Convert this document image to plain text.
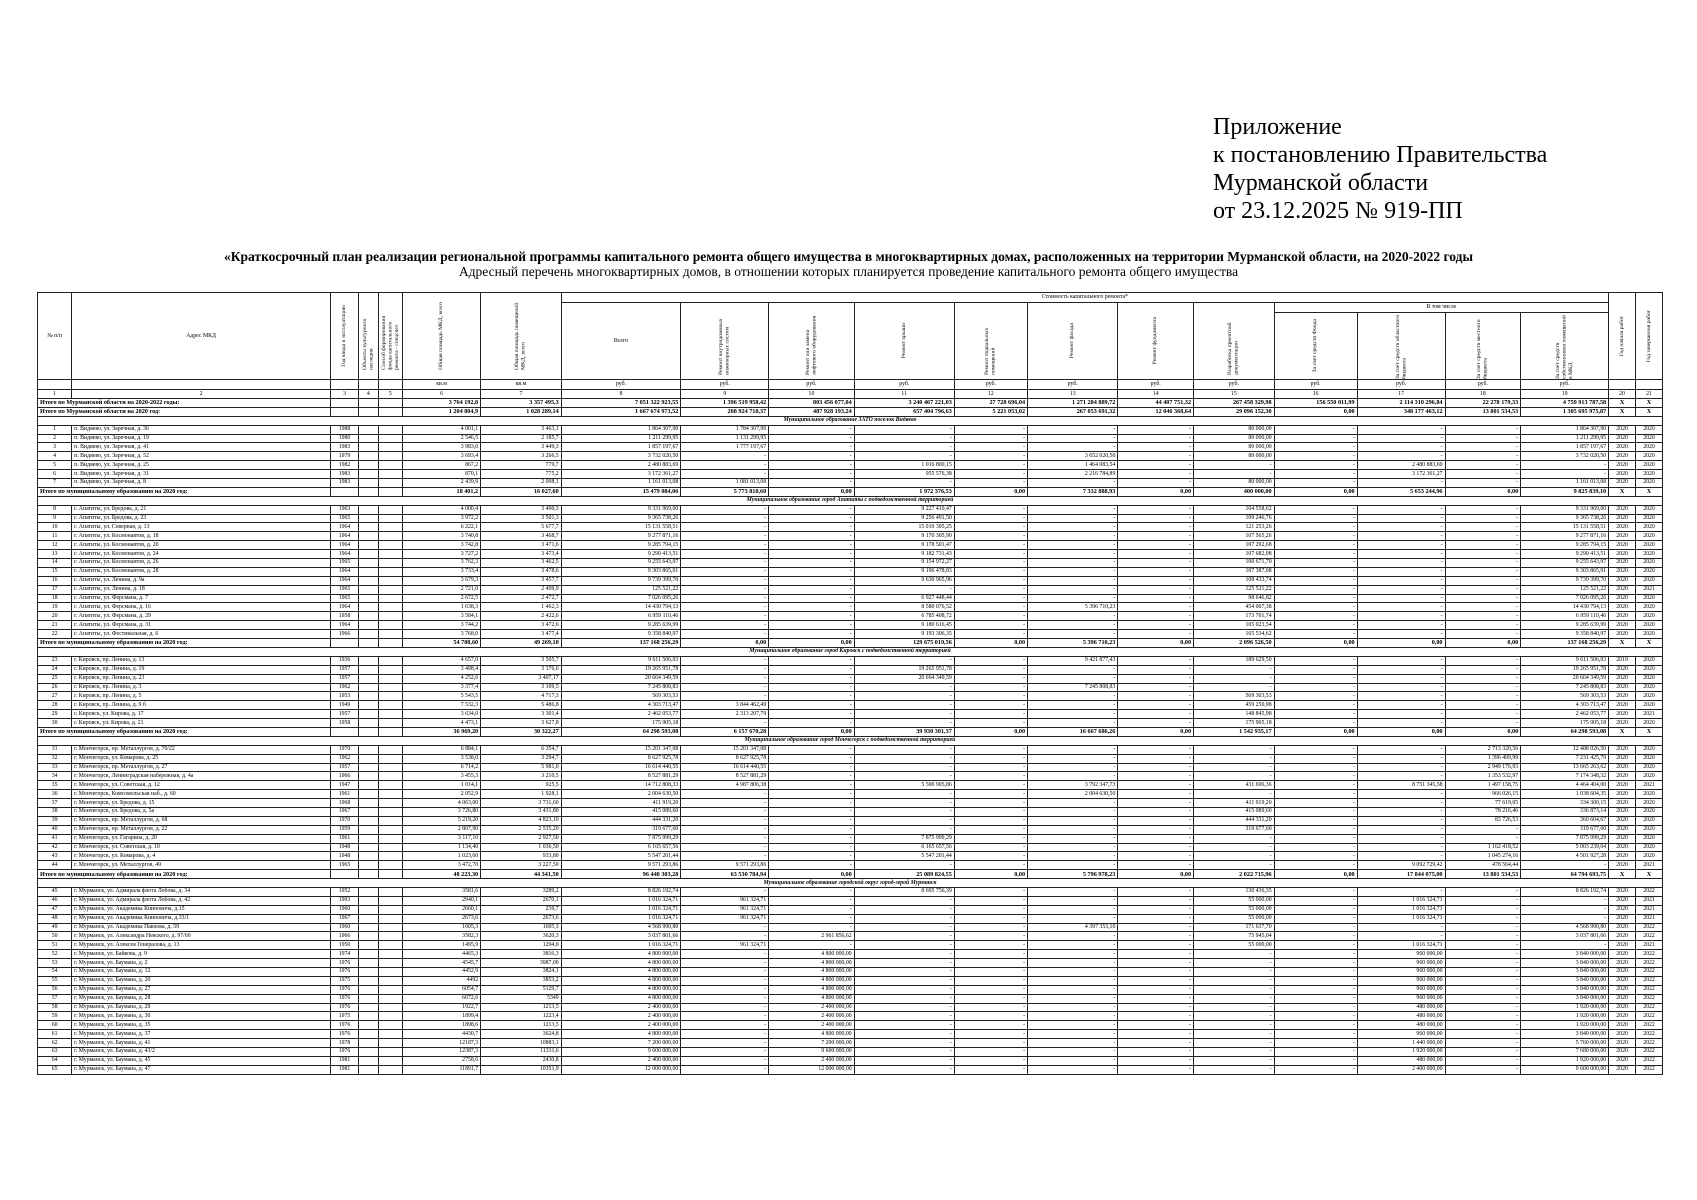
Приложение
к постановлению Правительства
Мурманской области
от 23.12.2025 № 919-ПП
«Краткосрочный план реализации региональной программы капитального ремонта общего имущества в многоквартирных домах, расположенных на территории Мурманской области, на 2020-2022 годы
Адресный перечень многоквартирных домов, в отношении которых планируется проведение капитального ремонта общего имущества
№ п/п	Адрес МКД	Год ввода в эксплуатацию	Объекты культурного наследия	Способ формирования фонда капитального ремонта - спецсчет	Общая площадь МКД, всего	Общая площадь помещений МКД, всего	Стоимость капитального ремонта*												Год начала работ	Год завершения работ

							Всего	Ремонт внутридомовых инженерных систем	Ремонт или замена лифтового оборудования	Ремонт крыши	Ремонт подвальных помещений	Ремонт фасада	Ремонт фундамента	Разработка проектной документации	В том числе					

															За счет средств Фонда	За счет средств областного бюджета	За счет средств местного бюджета	За счет средств собственников помещений в МКД		

					кв.м	кв.м	руб.	руб.	руб.	руб.	руб.	руб.	руб.	руб.	руб.	руб.	руб.	руб.		
1	2	3	4	5	6	7	8	9	10	11	12	13	14	15	16	17	18	19	20	21
Итого по Мурманской области на 2020-2022 годы:					3 764 192,8	3 357 495,3	7 051 322 923,55	1 396 519 958,42	803 456 077,04	3 240 467 221,03	27 728 696,04	1 271 284 889,72	44 407 751,32	267 458 329,98	156 550 011,99	2 114 310 296,84	22 278 179,33	4 759 913 787,58	Х	Х
Итого по Мурманской области на 2020 год:					1 204 804,9	1 028 289,14	1 667 674 973,52	208 924 718,37	487 928 193,24	657 404 796,63	5 221 053,02	267 053 691,32	12 046 368,64	29 096 152,30	0,00	348 177 463,12	13 801 534,53	1 305 695 975,87	Х	Х
Муниципальное образование ЗАТО поселок Видяево																				
1	п. Видяево, ул. Заречная, д. 36	1988			4 001,1	3 463,1	1 864 307,90	1 784 307,90	-	-	-	-	-	80 000,00	-	-	-	1 864 307,90	2020	2020
2	п. Видяево, ул. Заречная, д. 19	1980			2 546,5	2 185,7	1 211 299,95	1 131 299,95	-	-	-	-	-	80 000,00	-	-	-	1 211 299,95	2020	2020
3	п. Видяево, ул. Заречная, д. 41	1983			3 983,0	3 449,3	1 857 197,67	1 777 197,67	-	-	-	-	-	80 000,00	-	-	-	1 857 197,67	2020	2020
4	п. Видяево, ул. Заречная, д. 52	1979			3 693,4	3 266,5	3 732 020,50	-	-	-	-	3 652 020,50	-	80 000,00	-	-	-	3 732 020,50	2020	2020
5	п. Видяево, ул. Заречная, д. 25	1982			867,2	779,7	2 480 883,69	-	-	1 016 800,15	-	1 464 083,54	-	-	-	2 480 883,69	-	-	2020	2020
6	п. Видяево, ул. Заречная, д. 31	1983			870,1	775,2	3 172 361,27	-	-	955 576,38	-	2 216 784,89	-	-	-	3 172 361,27	-	-	2020	2020
7	п. Видяево, ул. Заречная, д. 8	1983			2 439,9	2 098,1	1 161 013,08	1 081 013,08	-	-	-	-	-	80 000,00	-	-	-	1 161 013,08	2020	2020
Итого по муниципальному образованию на 2020 год:					18 401,2	16 027,60	15 479 084,06	5 773 818,60	0,00	1 972 376,53	0,00	7 332 888,93	0,00	400 000,00	0,00	5 653 244,96	0,00	9 825 839,10	Х	Х
Муниципальное образование город Апатиты с подведомственной территорией																				
8	г. Апатиты, ул. Бредова, д. 21	1963			4 000,4	3 490,3	9 331 969,00	-	-	9 227 410,47	-	-	-	104 558,62	-	-	-	9 331 969,00	2020	2020
9	г. Апатиты, ул. Бредова, д. 23	1965			3 972,2	3 501,3	9 365 738,26	-	-	9 256 491,50	-	-	-	109 246,76	-	-	-	9 365 738,26	2020	2020
10	г. Апатиты, ул. Северная, д. 13	1964			6 222,1	5 677,7	15 131 558,51	-	-	15 010 305,25	-	-	-	121 253,26	-	-	-	15 131 558,51	2020	2020
11	г. Апатиты, ул. Космонавтов, д. 18	1964			3 740,8	3 468,7	9 277 871,16	-	-	9 170 305,90	-	-	-	107 565,26	-	-	-	9 277 871,16	2020	2020
12	г. Апатиты, ул. Космонавтов, д. 20	1964			3 742,8	3 471,6	9 285 794,15	-	-	9 178 501,47	-	-	-	107 292,68	-	-	-	9 285 794,15	2020	2020
13	г. Апатиты, ул. Космонавтов, д. 24	1964			3 727,2	3 473,4	9 290 413,51	-	-	9 182 731,43	-	-	-	107 682,08	-	-	-	9 290 413,51	2020	2020
14	г. Апатиты, ул. Космонавтов, д. 26	1965			3 762,3	3 462,5	9 255 643,97	-	-	9 154 972,27	-	-	-	100 671,70	-	-	-	9 255 643,97	2020	2020
15	г. Апатиты, ул. Космонавтов, д. 28	1964			3 733,4	3 478,6	9 303 865,91	-	-	9 196 478,83	-	-	-	107 387,08	-	-	-	9 303 865,91	2020	2020
16	г. Апатиты, ул. Ленина, д. 9а	1964			3 679,3	3 457,7	9 739 399,70	-	-	9 630 965,96	-	-	-	108 433,74	-	-	-	9 739 399,70	2020	2020
17	г. Апатиты, ул. Ленина, д. 18	1965			2 721,0	2 499,9	125 521,22	-	-	-	-	-	-	125 521,22	-	-	-	125 521,22	2020	2021
18	г. Апатиты, ул. Ферсмана, д. 7	1965			2 672,5	2 472,7	7 026 095,26	-	-	6 927 448,44	-	-	-	98 646,82	-	-	-	7 026 095,26	2020	2020
19	г. Апатиты, ул. Ферсмана, д. 16	1964			1 638,3	1 462,3	14 430 794,13	-	-	8 580 076,52	-	5 396 710,23	-	454 007,38	-	-	-	14 430 794,13	2020	2020
20	г. Апатиты, ул. Ферсмана, д. 29	1958			3 584,1	2 422,6	6 959 110,46	-	-	6 785 408,72	-	-	-	173 701,74	-	-	-	6 959 110,46	2020	2020
21	г. Апатиты, ул. Ферсмана, д. 31	1964			3 744,2	3 472,6	9 285 639,99	-	-	9 180 616,45	-	-	-	105 023,54	-	-	-	9 285 639,99	2020	2020
22	г. Апатиты, ул. Фестивальная, д. 6	1966			3 768,0	3 477,4	9 358 840,97	-	-	9 193 306,35	-	-	-	165 534,62	-	-	-	9 358 840,97	2020	2020
Итого по муниципальному образованию на 2020 год:					54 708,60	49 269,10	137 168 256,29	0,00	0,00	129 675 019,56	0,00	5 396 710,23	0,00	2 096 526,50	0,00	0,00	0,00	137 168 256,29	Х	Х
Муниципальное образование город Кировск с подведомственной территорией																				
23	г. Кировск, пр. Ленина, д. 13	1936			4 657,0	3 505,7	9 611 506,93	-	-	-	-	9 421 877,43	-	189 629,50	-	-	-	9 611 506,93	2019	2020
24	г. Кировск, пр. Ленина, д. 19	1957			3 498,4	3 176,6	19 265 951,78	-	-	19 265 951,78	-	-	-	-	-	-	-	19 265 951,78	2020	2020
25	г. Кировск, пр. Ленина, д. 23	1957			4 252,6	3 407,17	20 664 349,59	-	-	20 664 349,59	-	-	-	-	-	-	-	20 664 349,59	2020	2020
26	г. Кировск, пр. Ленина, д. 3	1962			3 377,4	3 109,5	7 245 808,83	-	-	-	-	7 245 808,83	-	-	-	-	-	7 245 808,83	2020	2020
27	г. Кировск, пр. Ленина, д. 5	1953			5 543,5	4 717,3	569 303,53	-	-	-	-	-	-	569 303,53	-	-	-	569 303,53	2020	2020
28	г. Кировск, пр. Ленина, д. 9 б	1949			7 532,3	5 486,8	4 303 713,47	3 844 462,49	-	-	-	-	-	459 250,98	-	-	-	4 303 713,47	2020	2020
29	г. Кировск, ул. Кирова, д. 17	1957			3 634,0	3 301,4	2 462 053,77	2 313 207,79	-	-	-	-	-	148 845,98	-	-	-	2 462 053,77	2020	2021
30	г. Кировск, ул. Кирова, д. 21	1958			4 473,1	3 627,8	175 905,18	-	-	-	-	-	-	175 905,18	-	-	-	175 905,18	2020	2020
Итого по муниципальному образованию на 2020 год:					36 969,20	30 322,27	64 298 593,08	6 157 670,28	0,00	39 930 301,37	0,00	16 667 686,26	0,00	1 542 935,17	0,00	0,00	0,00	64 298 593,08	Х	Х
Муниципальное образование город Мончегорск с подведомственной территорией																				
31	г. Мончегорск, пр. Металлургов, д. 70/22	1970			6 884,1	6 354,7	15 201 347,08	15 201 347,08	-	-	-	-	-	-	-	-	2 713 320,56	12 488 026,50	2020	2020
32	г. Мончегорск, ул. Комарова, д. 25	1962			3 538,0	3 294,7	8 627 925,78	8 627 925,78	-	-	-	-	-	-	-	-	1 396 499,99	7 231 425,79	2020	2020
33	г. Мончегорск, пр. Металлургов, д. 27	1957			6 714,2	5 981,0	16 614 440,55	16 614 440,55	-	-	-	-	-	-	-	-	2 949 176,93	13 665 263,62	2020	2020
34	г. Мончегорск, Ленинградская набережная, д. 4а	1966			3 455,3	3 210,5	8 527 881,29	8 527 881,29	-	-	-	-	-	-	-	-	1 353 532,97	7 174 348,32	2020	2020
35	г. Мончегорск, ул. Советская, д. 12	1947			1 014,1	925,5	14 712 808,33	4 987 806,38	-	5 500 905,86	-	3 792 347,73	-	431 696,36	-	8 751 345,58	1 497 158,75	4 464 404,00	2020	2021
36	г. Мончегорск, Комсомольская наб., д. 60	1961			2 052,9	1 928,1	2 004 630,50	-	-	-	-	2 004 630,50	-	-	-	-	966 026,15	1 038 604,35	2020	2020
37	г. Мончегорск, ул. Бредова, д. 15	1968			4 063,00	3 731,60	411 919,20	-	-	-	-	-	-	411 919,20	-	-	77 619,05	334 300,15	2020	2020
38	г. Мончегорск, ул. Бредова, д. 5а	1967			3 726,80	3 431,80	415 089,60	-	-	-	-	-	-	415 089,60	-	-	78 216,46	336 873,14	2020	2020
39	г. Мончегорск, пр. Металлургов, д. 68	1970			5 219,20	4 823,10	444 331,20	-	-	-	-	-	-	444 331,20	-	-	83 726,53	360 604,67	2020	2020
40	г. Мончегорск, пр. Металлургов, д. 22	1959			2 807,90	2 535,20	319 677,60	-	-	-	-	-	-	319 677,60	-	-	-	319 677,60	2020	2020
41	г. Мончегорск, ул. Гагарина, д. 20	1961			3 117,10	2 927,50	7 875 999,29	-	-	7 875 999,29	-	-	-	-	-	-	-	7 875 999,29	2020	2020
42	г. Мончегорск, ул. Советская, д. 10	1948			1 134,40	1 036,50	6 165 657,56	-	-	6 165 657,56	-	-	-	-	-	-	1 162 418,52	5 003 239,04	2020	2020
43	г. Мончегорск, ул. Комарова, д. 4	1948			1 023,60	933,80	5 547 201,44	-	-	5 547 201,44	-	-	-	-	-	-	1 045 274,16	4 501 927,28	2020	2020
44	г. Мончегорск, ул. Металлургов, 49	1965			3 472,70	3 227,50	9 571 293,86	9 571 293,86	-	-	-	-	-	-	-	9 092 729,42	478 564,44	-	2020	2021
Итого по муниципальному образованию на 2020 год:					48 223,30	44 341,50	96 440 303,28	63 530 784,94	0,00	25 089 824,55	0,00	5 796 978,23	0,00	2 022 715,96	0,00	17 844 075,00	13 801 534,53	64 794 693,75	Х	Х
Муниципальное образование городской округ город-герой Мурманск																				
45	г. Мурманск, ул. Адмирала флота Лобова, д. 34	1952			3581,6	3289,2	8 826 192,74	-	-	8 695 756,39	-	-	-	130 436,35	-	-	-	8 826 192,74	2020	2022
46	г. Мурманск, ул. Адмирала флота Лобова, д. 42	1993			2940,1	2670,1	1 016 324,71	961 324,71	-	-	-	-	-	55 000,00	-	1 016 324,71	-	-	2020	2021
47	г. Мурманск, ул. Академика Книповича, д.15	1960			2660,1	239,7	1 016 324,71	961 324,71	-	-	-	-	-	55 000,00	-	1 016 324,71	-	-	2020	2021
48	г. Мурманск, ул. Академика Книповича, д.33/1	1967			2673,6	2673,6	1 016 324,71	961 324,71	-	-	-	-	-	55 000,00	-	1 016 324,71	-	-	2020	2021
49	г. Мурманск, ул. Академика Павлова, д. 59	1960			1605,3	1605,3	4 568 990,80	-	-	-	-	4 397 353,10	-	171 637,70	-	-	-	4 568 990,80	2020	2022
50	г. Мурманск, ул. Александра Невского, д. 97/60	1966			3582,3	3620,3	3 037 801,66	-	2 961 856,62	-	-	-	-	75 945,04	-	-	-	3 037 801,66	2020	2022
51	г. Мурманск, ул. Алексея Генералова, д. 13	1950			1495,9	1294,0	1 016 324,71	961 324,71	-	-	-	-	-	55 000,00	-	1 016 324,71	-	-	2020	2021
52	г. Мурманск, ул. Байкова, д. 9	1974			4465,3	3816,3	4 800 000,00	-	4 800 000,00	-	-	-	-	-	-	960 000,00	-	3 840 000,00	2020	2022
53	г. Мурманск, ул. Баумана, д. 2	1976			4545,7	3987,00	4 800 000,00	-	4 800 000,00	-	-	-	-	-	-	960 000,00	-	3 840 000,00	2020	2022
54	г. Мурманск, ул. Баумана, д. 12	1976			4452,9	3824,1	4 800 000,00	-	4 800 000,00	-	-	-	-	-	-	960 000,00	-	3 840 000,00	2020	2022
55	г. Мурманск, ул. Баумана, д. 20	1975			4492	3853,2	4 800 000,00	-	4 800 000,00	-	-	-	-	-	-	960 000,00	-	3 840 000,00	2020	2022
56	г. Мурманск, ул. Баумана, д. 27	1976			6054,7	5129,7	4 800 000,00	-	4 800 000,00	-	-	-	-	-	-	960 000,00	-	3 840 000,00	2020	2022
57	г. Мурманск, ул. Баумана, д. 28	1976			6072,6	5349	4 800 000,00	-	4 800 000,00	-	-	-	-	-	-	960 000,00	-	3 840 000,00	2020	2022
58	г. Мурманск, ул. Баумана, д. 29	1976			1922,7	1213,5	2 400 000,00	-	2 400 000,00	-	-	-	-	-	-	480 000,00	-	1 920 000,00	2020	2022
59	г. Мурманск, ул. Баумана, д. 30	1975			1899,4	1223,4	2 400 000,00	-	2 400 000,00	-	-	-	-	-	-	480 000,00	-	1 920 000,00	2020	2022
60	г. Мурманск, ул. Баумана, д. 35	1976			1898,6	1213,5	2 400 000,00	-	2 400 000,00	-	-	-	-	-	-	480 000,00	-	1 920 000,00	2020	2022
61	г. Мурманск, ул. Баумана, д. 37	1976			4430,7	3624,8	4 800 000,00	-	4 800 000,00	-	-	-	-	-	-	960 000,00	-	3 840 000,00	2020	2022
62	г. Мурманск, ул. Баумана, д. 41	1978			12187,3	10883,1	7 200 000,00	-	7 200 000,00	-	-	-	-	-	-	1 440 000,00	-	5 760 000,00	2020	2022
63	г. Мурманск, ул. Баумана, д. 43/2	1976			12387,3	11331,6	9 600 000,00	-	9 600 000,00	-	-	-	-	-	-	1 920 000,00	-	7 680 000,00	2020	2022
64	г. Мурманск, ул. Баумана, д. 45	1981			2758,6	2430,8	2 400 000,00	-	2 400 000,00	-	-	-	-	-	-	480 000,00	-	1 920 000,00	2020	2022
65	г. Мурманск, ул. Баумана, д. 47	1981			11891,7	10351,9	12 000 000,00	-	12 000 000,00	-	-	-	-	-	-	2 400 000,00	-	9 600 000,00	2020	2022
